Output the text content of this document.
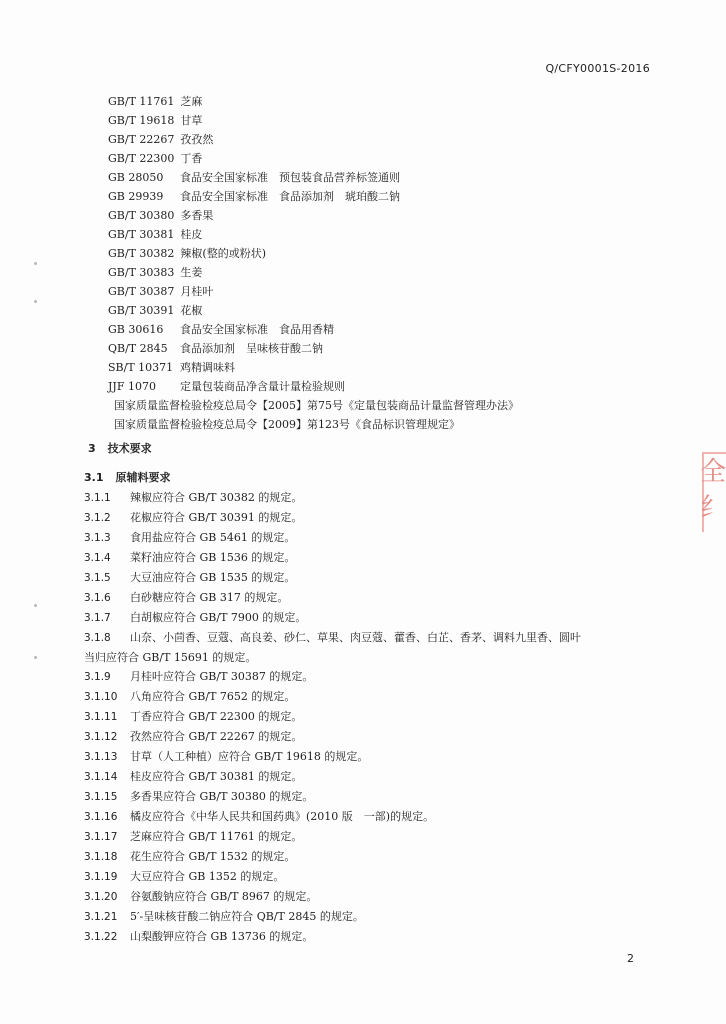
Q/CFY0001S-2016
GB/T 11761 芝麻
GB/T 19618 甘草
GB/T 22267 孜孜然
GB/T 22300 丁香
GB 28050 食品安全国家标准　预包装食品营养标签通则
GB 29939 食品安全国家标准　食品添加剂　琥珀酸二钠
GB/T 30380 多香果
GB/T 30381 桂皮
GB/T 30382 辣椒(整的或粉状)
GB/T 30383 生姜
GB/T 30387 月桂叶
GB/T 30391 花椒
GB 30616 食品安全国家标准　食品用香精
QB/T 2845 食品添加剂　呈味核苷酸二钠
SB/T 10371 鸡精调味料
JJF 1070 定量包装商品净含量计量检验规则
国家质量监督检验检疫总局令【2005】第75号《定量包装商品计量监督管理办法》
国家质量监督检验检疫总局令【2009】第123号《食品标识管理规定》
3 技术要求
3.1 原辅料要求
3.1.1 辣椒应符合 GB/T 30382 的规定。
3.1.2 花椒应符合 GB/T 30391 的规定。
3.1.3 食用盐应符合 GB 5461 的规定。
3.1.4 菜籽油应符合 GB 1536 的规定。
3.1.5 大豆油应符合 GB 1535 的规定。
3.1.6 白砂糖应符合 GB 317 的规定。
3.1.7 白胡椒应符合 GB/T 7900 的规定。
3.1.8 山奈、小茴香、豆蔻、高良姜、砂仁、草果、肉豆蔻、藿香、白芷、香茅、调料九里香、圆叶
当归应符合 GB/T 15691 的规定。
3.1.9 月桂叶应符合 GB/T 30387 的规定。
3.1.10 八角应符合 GB/T 7652 的规定。
3.1.11 丁香应符合 GB/T 22300 的规定。
3.1.12 孜然应符合 GB/T 22267 的规定。
3.1.13 甘草（人工种植）应符合 GB/T 19618 的规定。
3.1.14 桂皮应符合 GB/T 30381 的规定。
3.1.15 多香果应符合 GB/T 30380 的规定。
3.1.16 橘皮应符合《中华人民共和国药典》(2010 版　一部)的规定。
3.1.17 芝麻应符合 GB/T 11761 的规定。
3.1.18 花生应符合 GB/T 1532 的规定。
3.1.19 大豆应符合 GB 1352 的规定。
3.1.20 谷氨酸钠应符合 GB/T 8967 的规定。
3.1.21 5′-呈味核苷酸二钠应符合 QB/T 2845 的规定。
3.1.22 山梨酸钾应符合 GB 13736 的规定。
2
全
纟
